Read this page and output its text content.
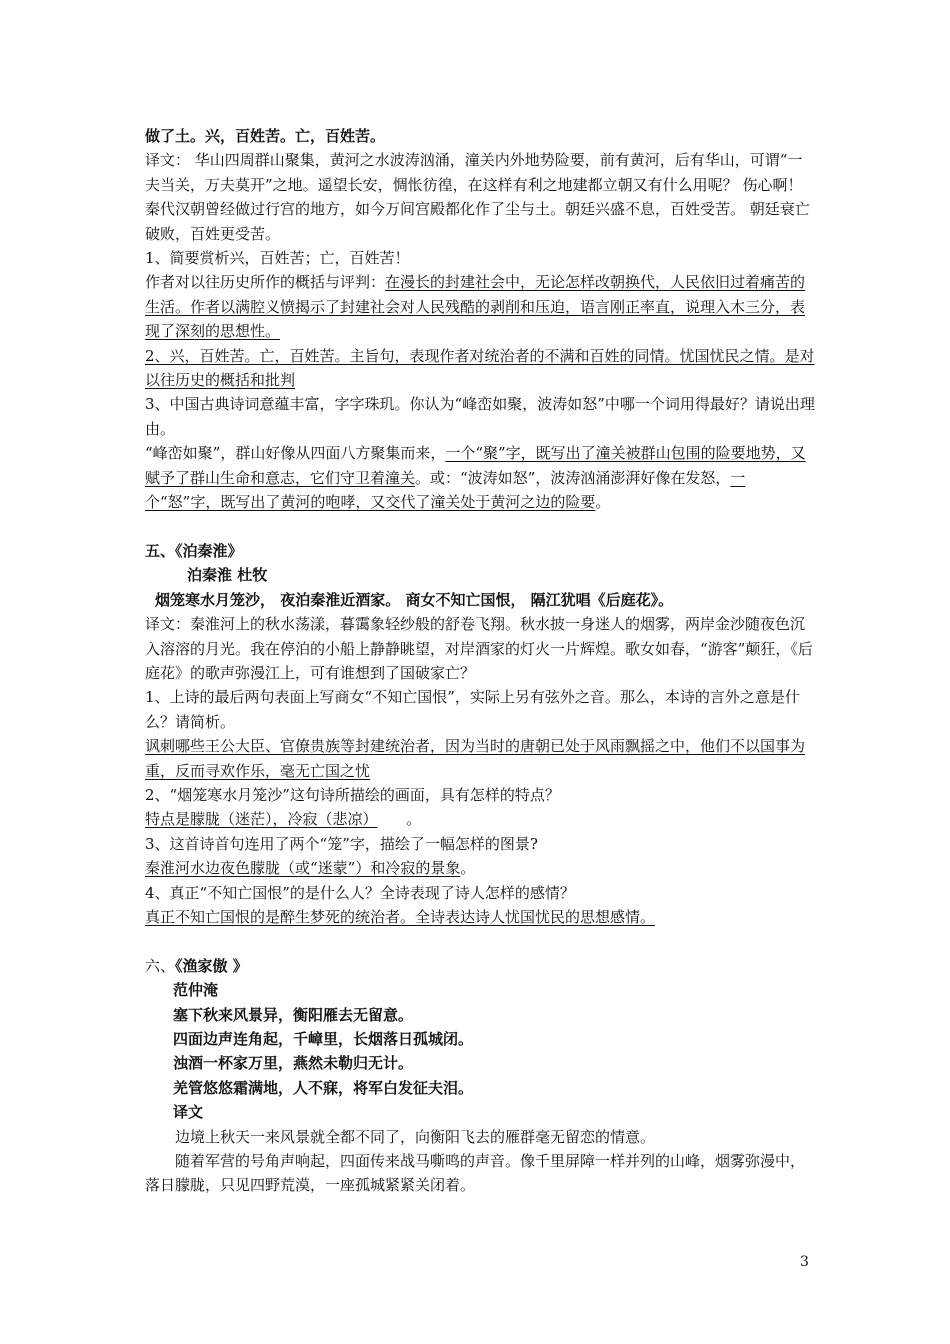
做了土。兴，百姓苦。亡，百姓苦。

译文： 华山四周群山聚集，黄河之水波涛汹涌，潼关内外地势险要，前有黄河，后有华山，可谓“一夫当关，万夫莫开”之地。遥望长安，惆怅彷徨，在这样有利之地建都立朝又有什么用呢？ 伤心啊！秦代汉朝曾经做过行宫的地方，如今万间宫殿都化作了尘与土。朝廷兴盛不息，百姓受苦。 朝廷衰亡破败，百姓更受苦。

1、简要赏析兴，百姓苦；亡，百姓苦！

作者对以往历史所作的概括与评判：在漫长的封建社会中，无论怎样改朝换代，人民依旧过着痛苦的生活。作者以满腔义愤揭示了封建社会对人民残酷的剥削和压迫，语言刚正率直，说理入木三分，表现了深刻的思想性。

2、兴，百姓苦。亡，百姓苦。主旨句，表现作者对统治者的不满和百姓的同情。忧国忧民之情。是对以往历史的概括和批判

3、中国古典诗词意蕴丰富，字字珠玑。你认为“峰峦如聚，波涛如怒”中哪一个词用得最好？请说出理由。

“峰峦如聚”，群山好像从四面八方聚集而来，一个“聚”字，既写出了潼关被群山包围的险要地势，又赋予了群山生命和意志，它们守卫着潼关。或：“波涛如怒”，波涛汹涌澎湃好像在发怒，一个“怒”字，既写出了黄河的咆哮，又交代了潼关处于黄河之边的险要。

五、《泊秦淮》

泊秦淮 杜牧

烟笼寒水月笼沙， 夜泊秦淮近酒家。 商女不知亡国恨， 隔江犹唱《后庭花》。

译文：秦淮河上的秋水荡漾，暮霭象轻纱般的舒卷飞翔。秋水披一身迷人的烟雾，两岸金沙随夜色沉入溶溶的月光。我在停泊的小船上静静眺望，对岸酒家的灯火一片辉煌。歌女如春，“游客”颠狂，《后庭花》的歌声弥漫江上，可有谁想到了国破家亡？

1、上诗的最后两句表面上写商女“不知亡国恨”，实际上另有弦外之音。那么，本诗的言外之意是什么？请简析。

讽刺哪些王公大臣、官僚贵族等封建统治者，因为当时的唐朝已处于风雨飘摇之中，他们不以国事为重，反而寻欢作乐，毫无亡国之忧

2、“烟笼寒水月笼沙”这句诗所描绘的画面，具有怎样的特点？

特点是朦胧（迷茫），冷寂（悲凉）      。

3、这首诗首句连用了两个“笼”字，描绘了一幅怎样的图景?

秦淮河水边夜色朦胧（或“迷蒙”）和冷寂的景象。

4、真正“不知亡国恨”的是什么人？全诗表现了诗人怎样的感情？

真正不知亡国恨的是醉生梦死的统治者。全诗表达诗人忧国忧民的思想感情。

六、《渔家傲 》

范仲淹

塞下秋来风景异，衡阳雁去无留意。

四面边声连角起，千嶂里，长烟落日孤城闭。

浊酒一杯家万里，燕然未勒归无计。

羌管悠悠霜满地，人不寐，将军白发征夫泪。

译文

边境上秋天一来风景就全都不同了，向衡阳飞去的雁群毫无留恋的情意。

随着军营的号角声响起，四面传来战马嘶鸣的声音。像千里屏障一样并列的山峰，烟雾弥漫中，落日朦胧，只见四野荒漠，一座孤城紧紧关闭着。

3
